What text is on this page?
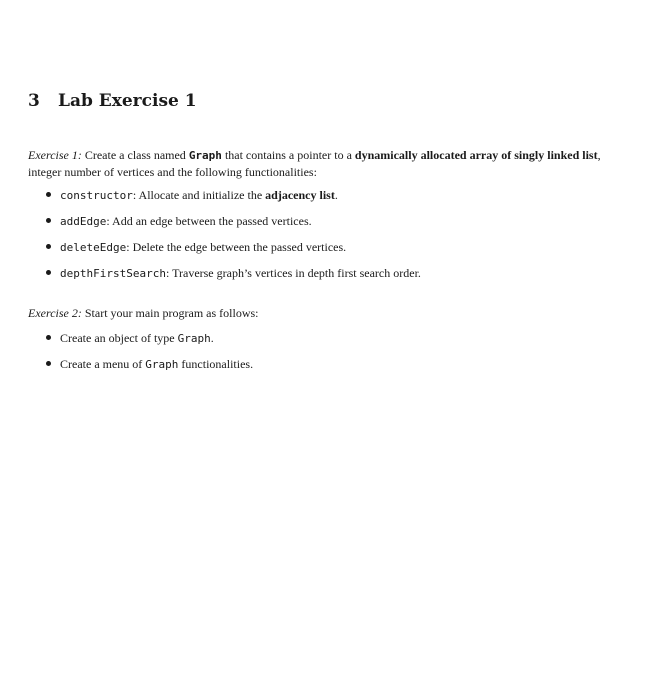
3 Lab Exercise 1

Exercise 1: Create a class named Graph that contains a pointer to a dynamically allocated array of singly linked list, integer number of vertices and the following functionalities:

constructor: Allocate and initialize the adjacency list.
addEdge: Add an edge between the passed vertices.
deleteEdge: Delete the edge between the passed vertices.
depthFirstSearch: Traverse graph’s vertices in depth first search order.

Exercise 2: Start your main program as follows:

Create an object of type Graph.
Create a menu of Graph functionalities.
